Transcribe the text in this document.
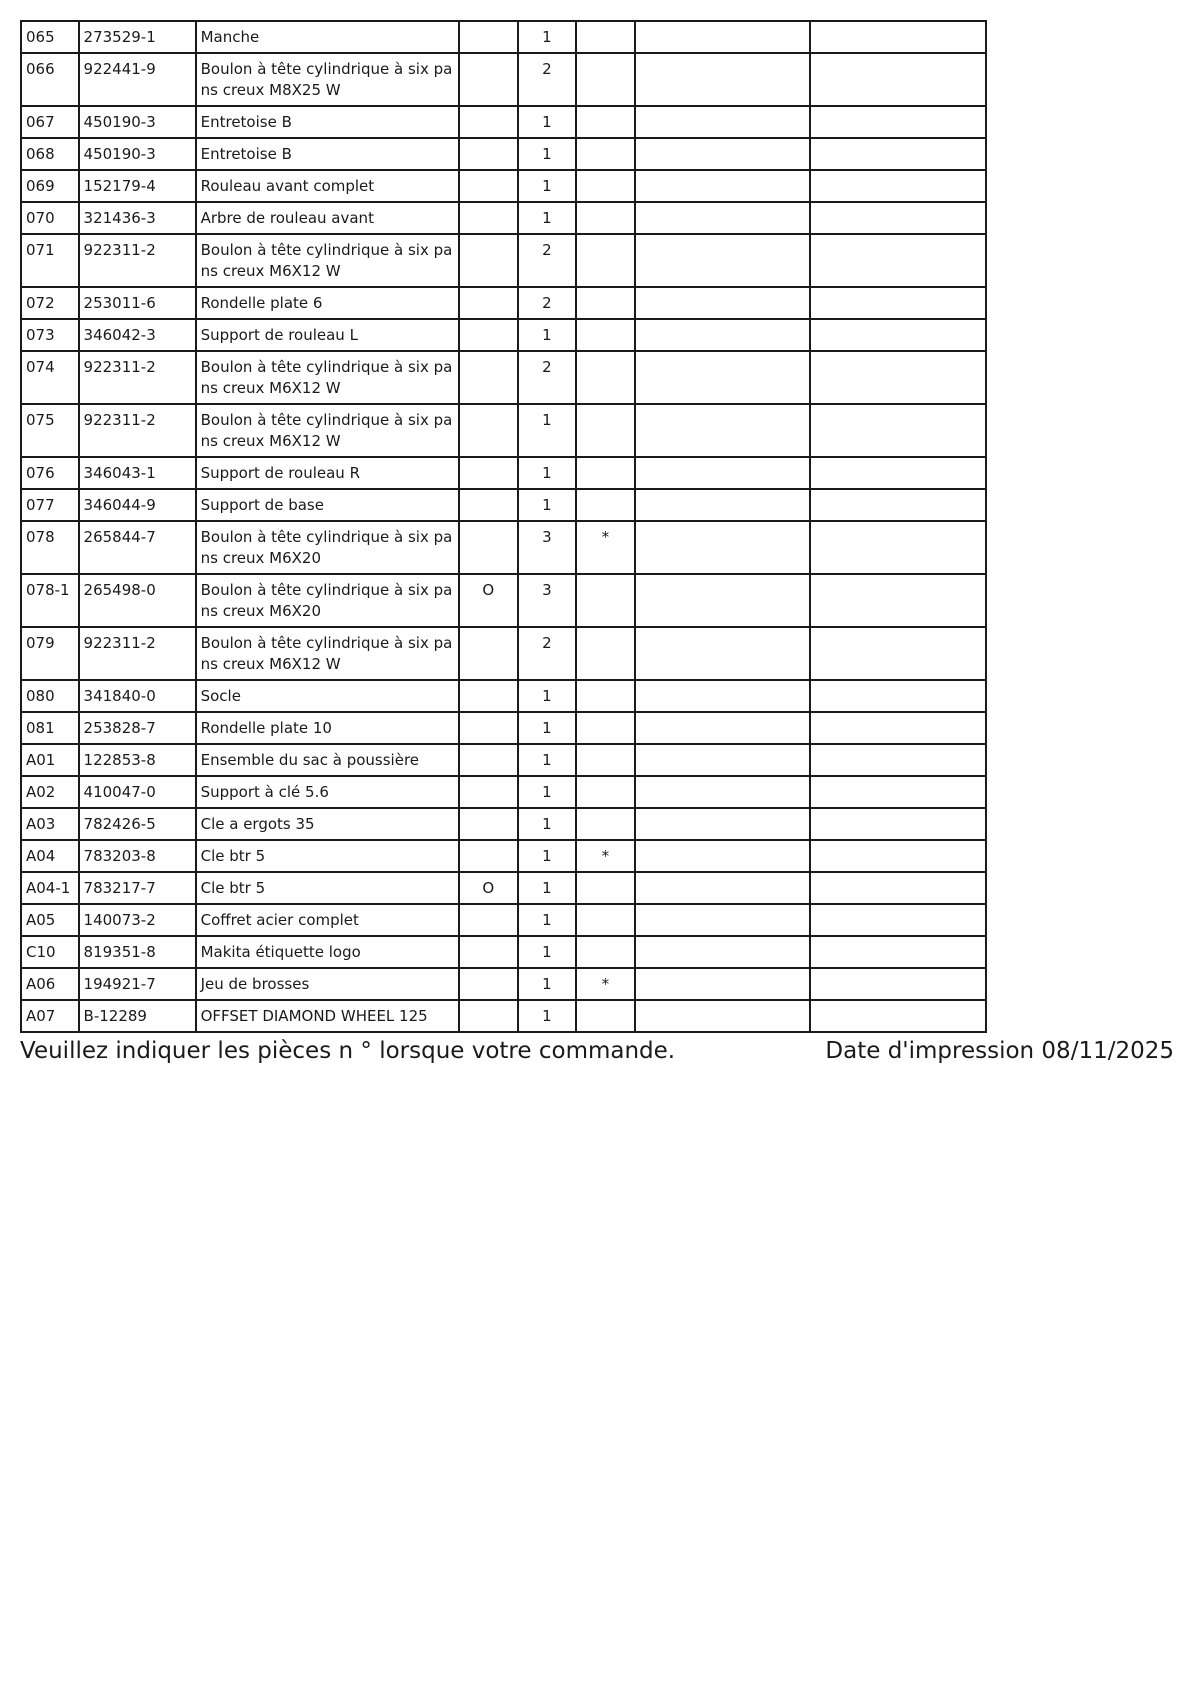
065	273529-1	Manche		1			
066	922441-9	Boulon à tête cylindrique à six pa
ns creux M8X25 W		2			
067	450190-3	Entretoise B		1			
068	450190-3	Entretoise B		1			
069	152179-4	Rouleau avant complet		1			
070	321436-3	Arbre de rouleau avant		1			
071	922311-2	Boulon à tête cylindrique à six pa
ns creux M6X12 W		2			
072	253011-6	Rondelle plate 6		2			
073	346042-3	Support de rouleau L		1			
074	922311-2	Boulon à tête cylindrique à six pa
ns creux M6X12 W		2			
075	922311-2	Boulon à tête cylindrique à six pa
ns creux M6X12 W		1			
076	346043-1	Support de rouleau R		1			
077	346044-9	Support de base		1			
078	265844-7	Boulon à tête cylindrique à six pa
ns creux M6X20		3	*		
078-1	265498-0	Boulon à tête cylindrique à six pa
ns creux M6X20	O	3			
079	922311-2	Boulon à tête cylindrique à six pa
ns creux M6X12 W		2			
080	341840-0	Socle		1			
081	253828-7	Rondelle plate 10		1			
A01	122853-8	Ensemble du sac à poussière		1			
A02	410047-0	Support à clé 5.6		1			
A03	782426-5	Cle a ergots 35		1			
A04	783203-8	Cle btr 5		1	*		
A04-1	783217-7	Cle btr 5	O	1			
A05	140073-2	Coffret acier complet		1			
C10	819351-8	Makita étiquette logo		1			
A06	194921-7	Jeu de brosses		1	*		
A07	B-12289	OFFSET DIAMOND WHEEL 125		1			
Veuillez indiquer les pièces n ° lorsque votre commande.	Date d'impression 08/11/2025
